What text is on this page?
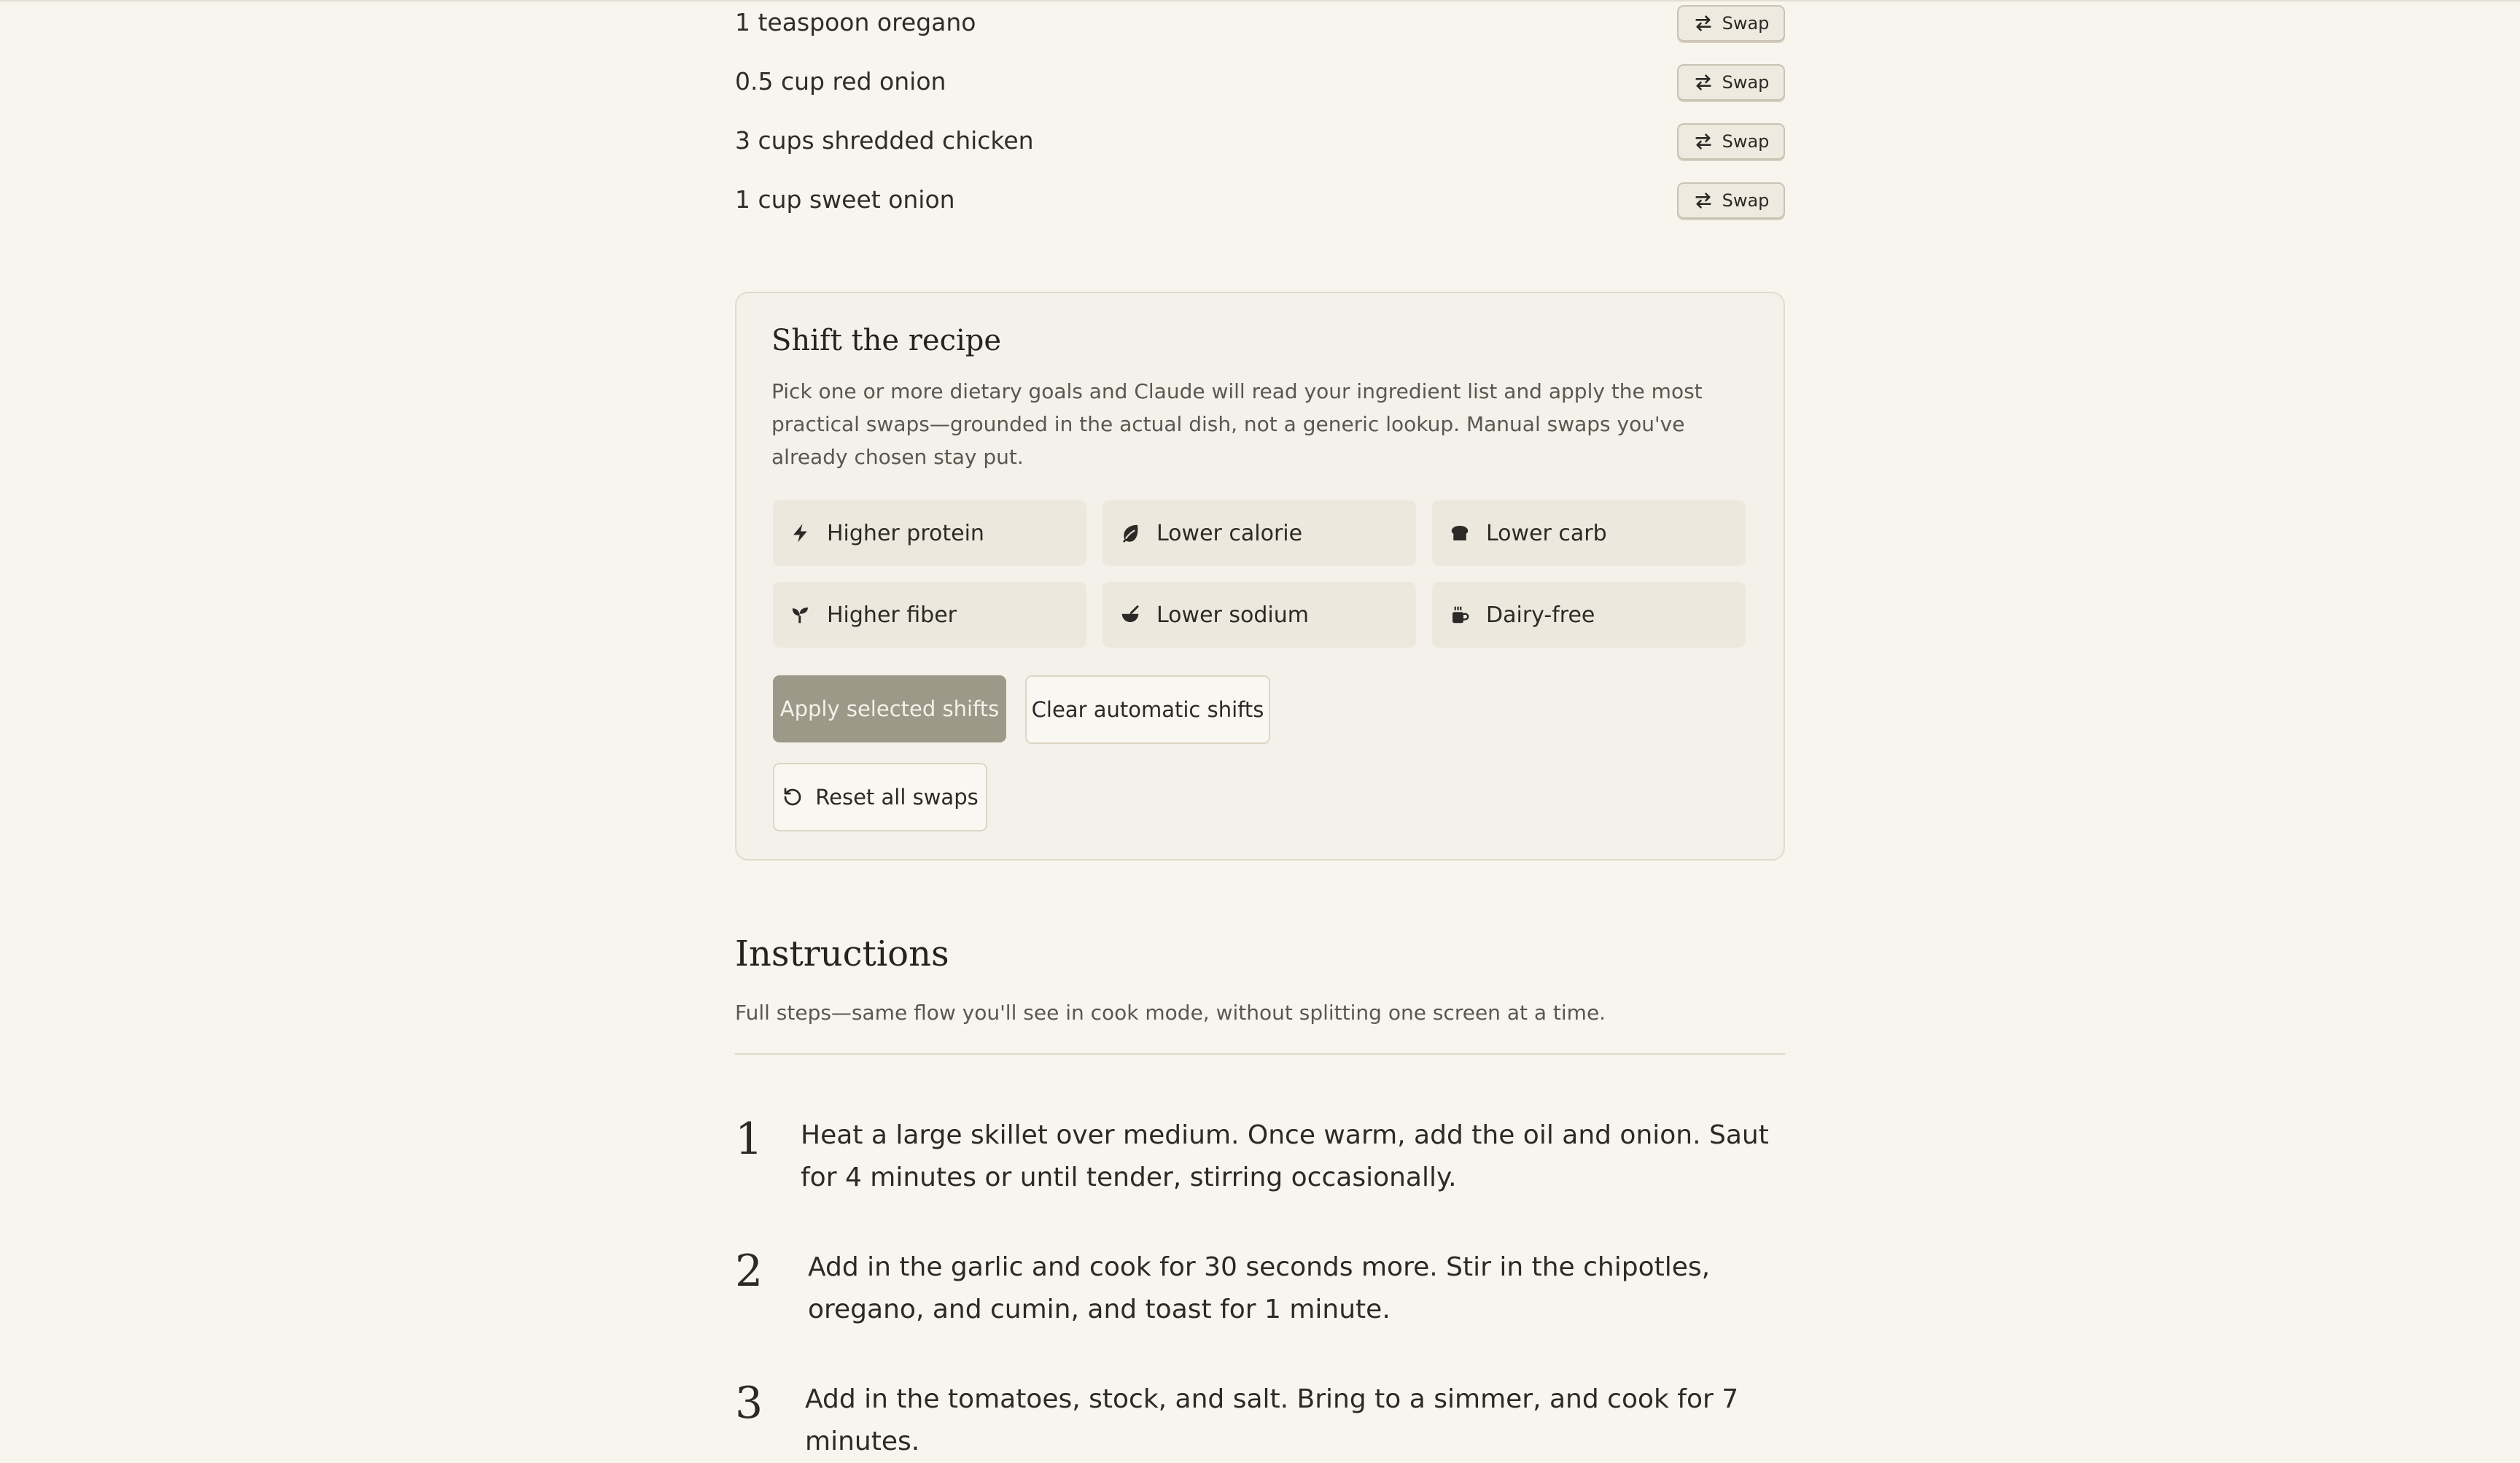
1 teaspoon oregano	Swap
0.5 cup red onion	Swap
3 cups shredded chicken	Swap
1 cup sweet onion	Swap
Shift the recipe
Pick one or more dietary goals and Claude will read your ingredient list and apply the most practical swaps—grounded in the actual dish, not a generic lookup. Manual swaps you've already chosen stay put.
Higher protein	Lower calorie	Lower carb
Higher fiber	Lower sodium	Dairy-free
Apply selected shifts	Clear automatic shifts
Reset all swaps
Instructions
Full steps—same flow you'll see in cook mode, without splitting one screen at a time.
1 Heat a large skillet over medium. Once warm, add the oil and onion. Saut for 4 minutes or until tender, stirring occasionally.
2 Add in the garlic and cook for 30 seconds more. Stir in the chipotles, oregano, and cumin, and toast for 1 minute.
3 Add in the tomatoes, stock, and salt. Bring to a simmer, and cook for 7 minutes.
